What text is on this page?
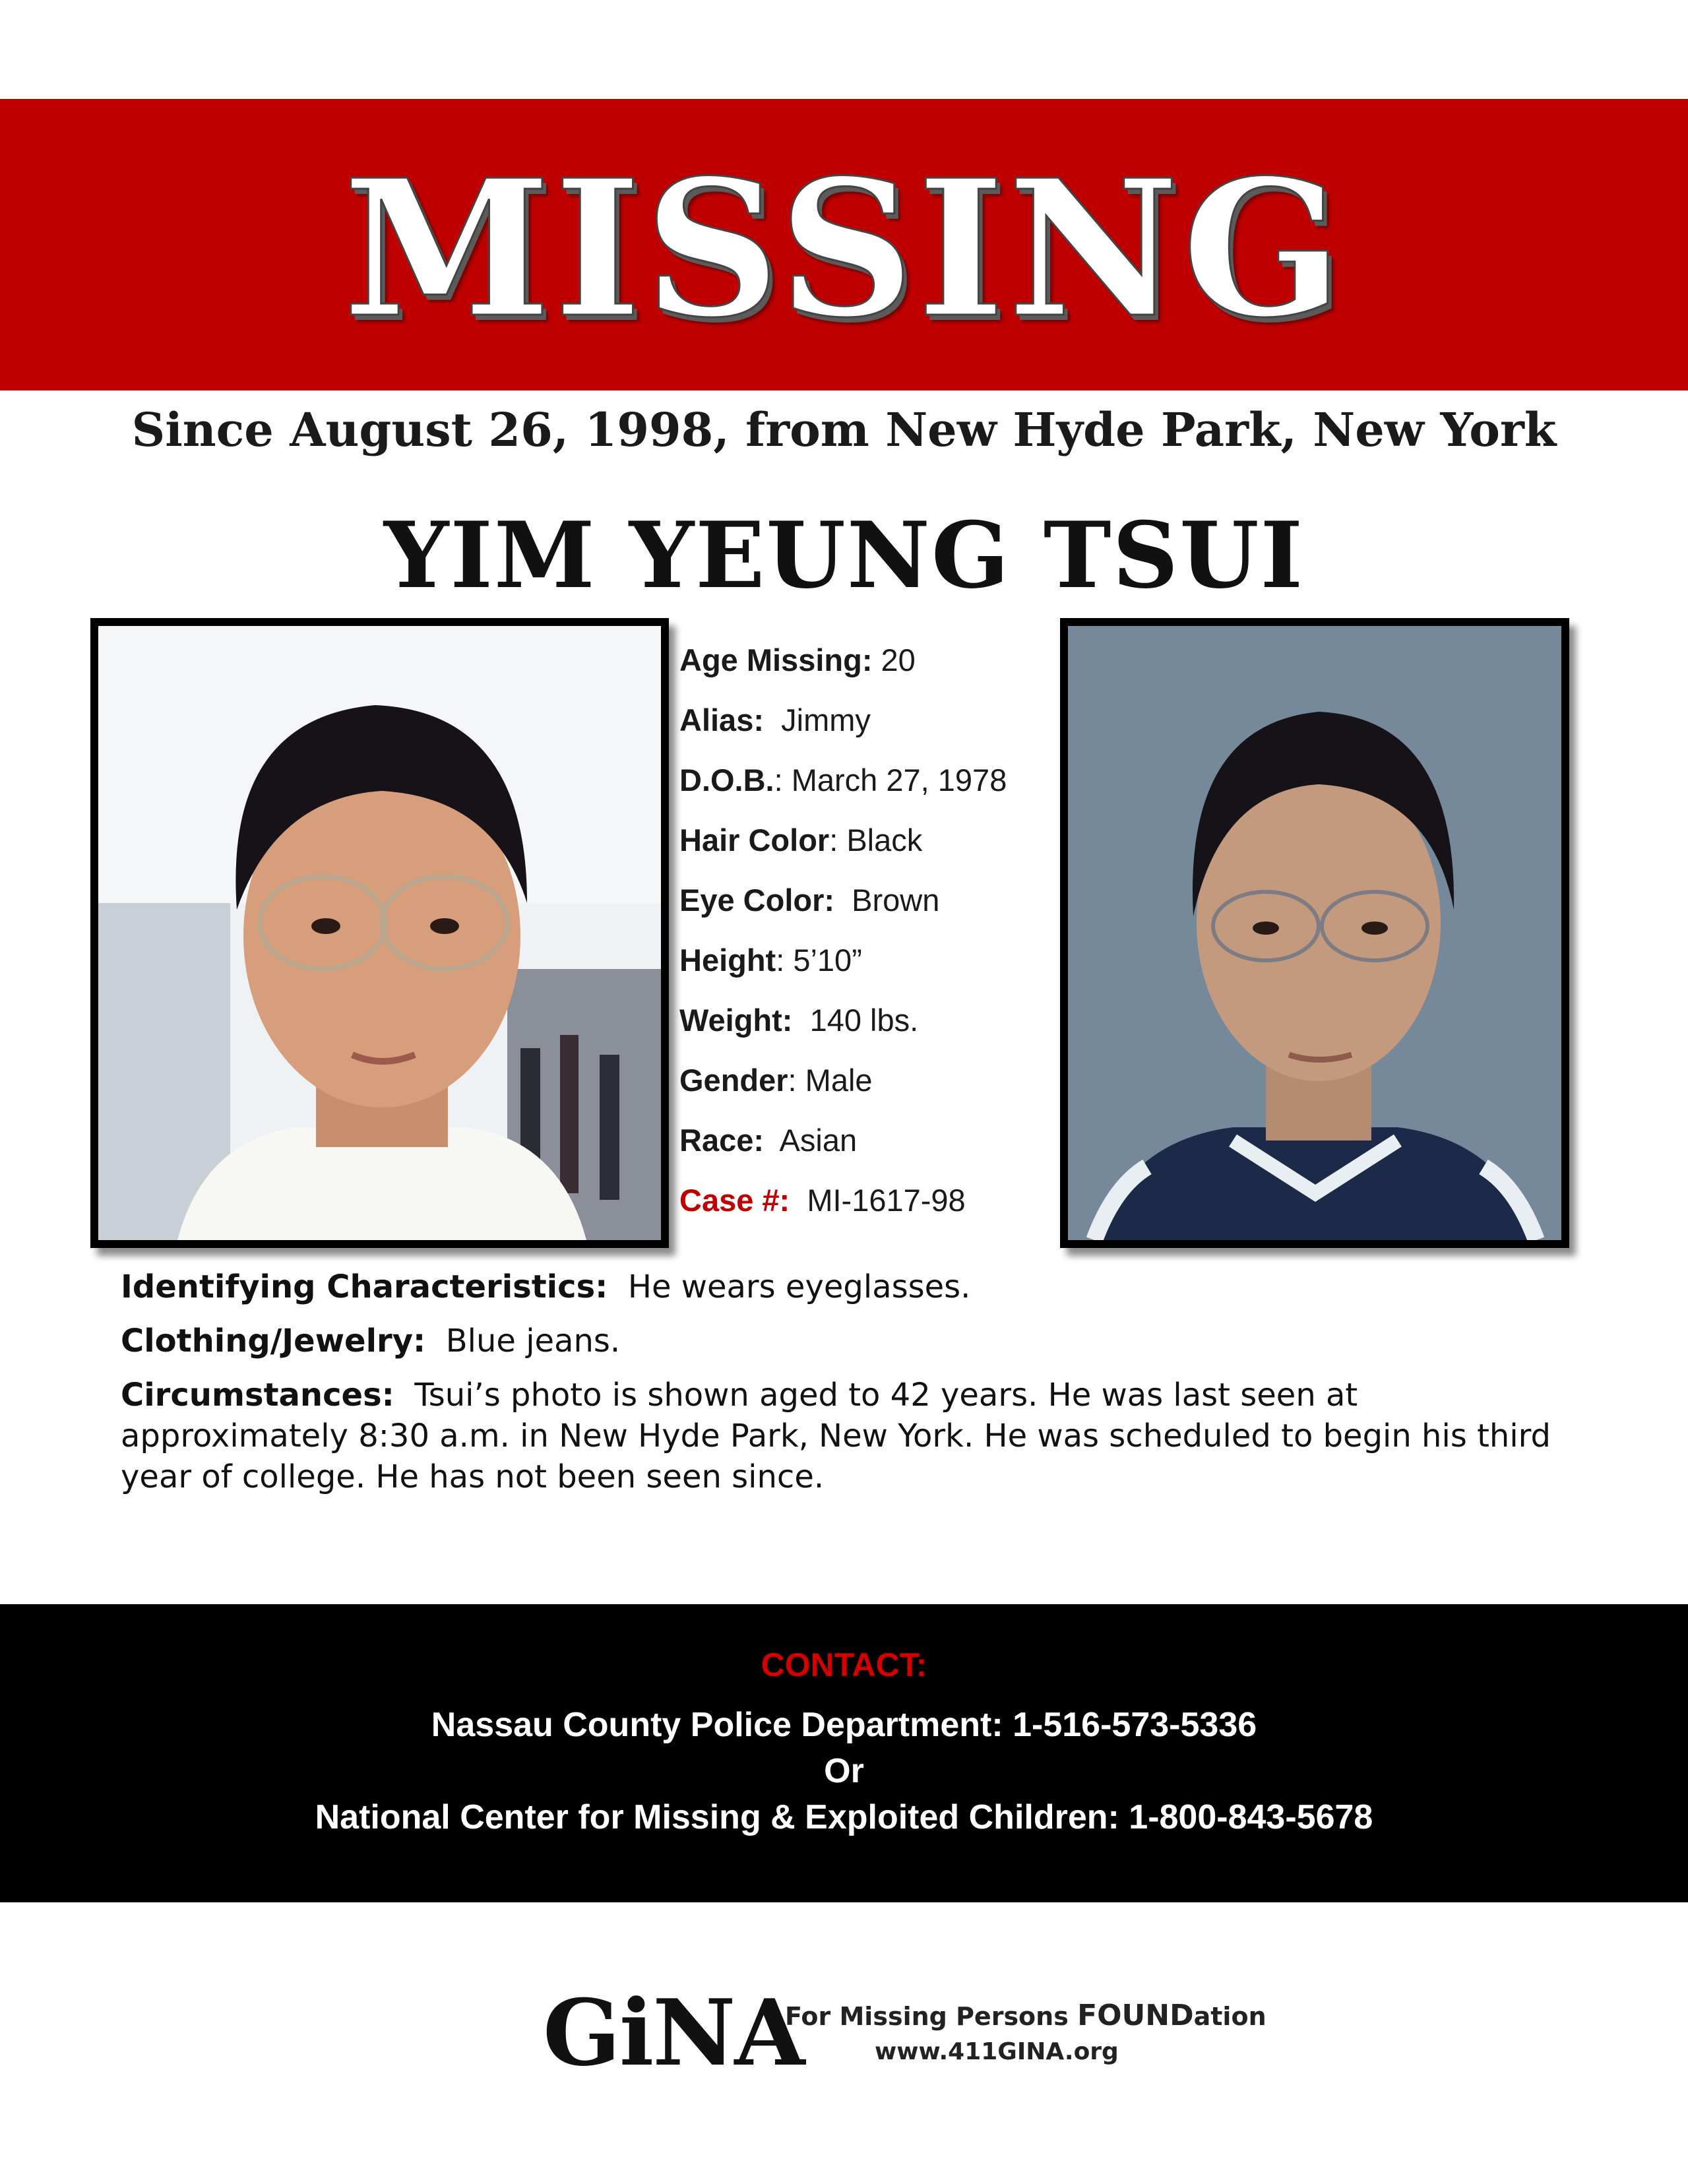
MISSING
Since August 26, 1998, from New Hyde Park, New York
YIM YEUNG TSUI
Age Missing: 20
Alias: Jimmy
D.O.B.: March 27, 1978
Hair Color: Black
Eye Color: Brown
Height: 5’10”
Weight: 140 lbs.
Gender: Male
Race: Asian
Case #: MI-1617-98
Identifying Characteristics: He wears eyeglasses.
Clothing/Jewelry: Blue jeans.
Circumstances: Tsui’s photo is shown aged to 42 years. He was last seen at approximately 8:30 a.m. in New Hyde Park, New York. He was scheduled to begin his third year of college. He has not been seen since.
CONTACT:
Nassau County Police Department: 1-516-573-5336
Or
National Center for Missing & Exploited Children: 1-800-843-5678
GiNA
For Missing Persons FOUNDation
www.411GINA.org
